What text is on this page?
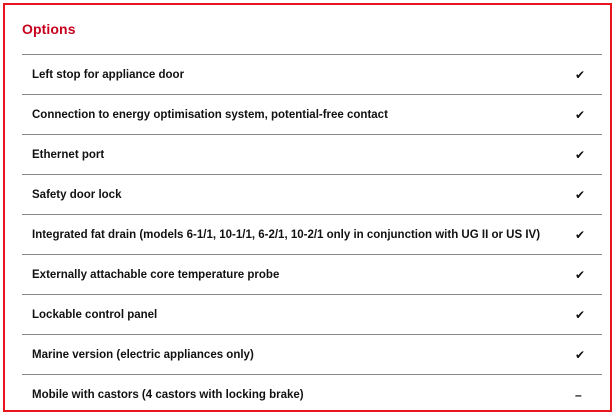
Options
Left stop for appliance door	✔
Connection to energy optimisation system, potential-free contact	✔
Ethernet port	✔
Safety door lock	✔
Integrated fat drain (models 6-1/1, 10-1/1, 6-2/1, 10-2/1 only in conjunction with UG II or US IV)	✔
Externally attachable core temperature probe	✔
Lockable control panel	✔
Marine version (electric appliances only)	✔
Mobile with castors (4 castors with locking brake)	–
